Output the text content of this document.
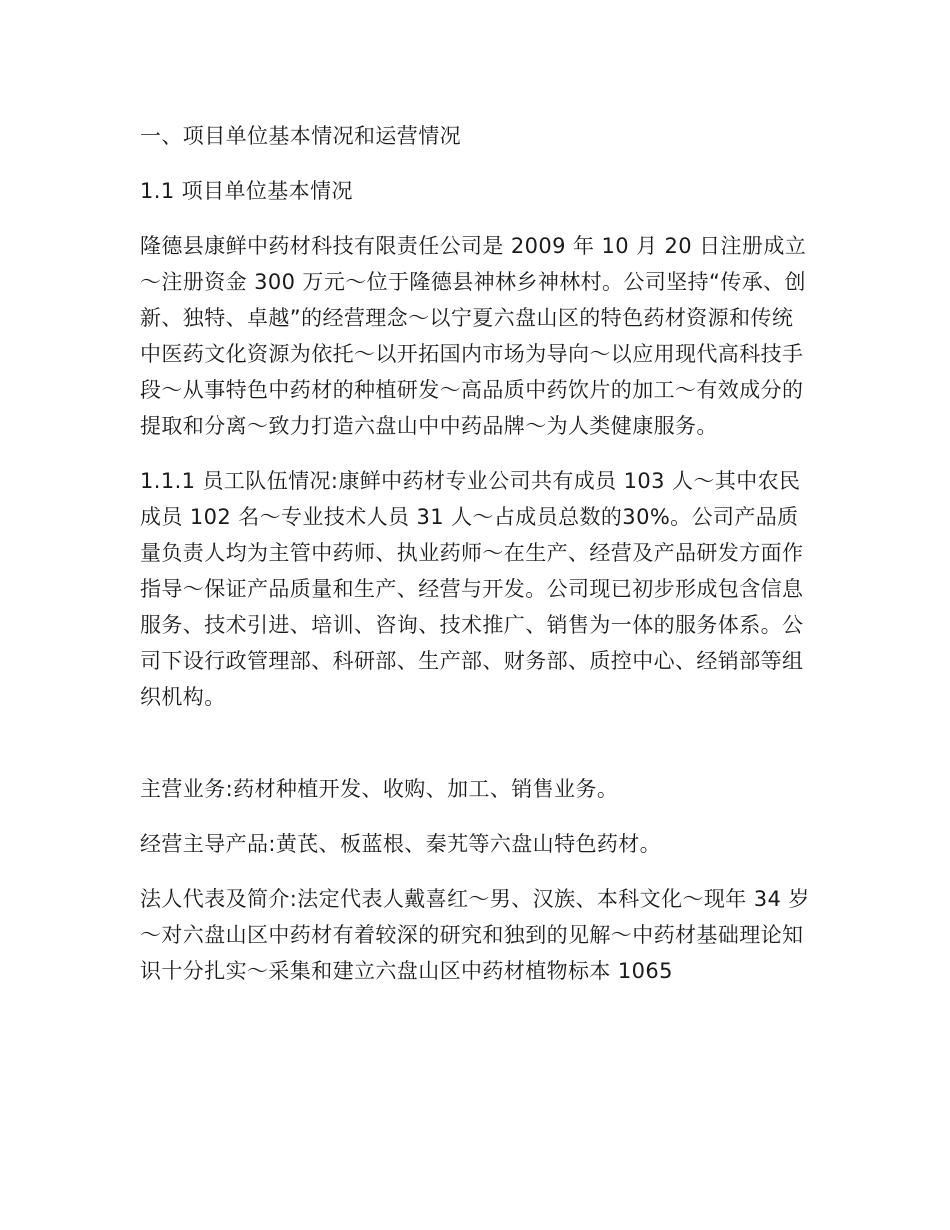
一、项目单位基本情况和运营情况

1.1 项目单位基本情况

隆德县康鲜中药材科技有限责任公司是 2009 年 10 月 20 日注册成立～注册资金 300 万元～位于隆德县神林乡神林村。公司坚持“传承、创新、独特、卓越”的经营理念～以宁夏六盘山区的特色药材资源和传统中医药文化资源为依托～以开拓国内市场为导向～以应用现代高科技手段～从事特色中药材的种植研发～高品质中药饮片的加工～有效成分的提取和分离～致力打造六盘山中中药品牌～为人类健康服务。

1.1.1 员工队伍情况:康鲜中药材专业公司共有成员 103 人～其中农民成员 102 名～专业技术人员 31 人～占成员总数的30%。公司产品质量负责人均为主管中药师、执业药师～在生产、经营及产品研发方面作指导～保证产品质量和生产、经营与开发。公司现已初步形成包含信息服务、技术引进、培训、咨询、技术推广、销售为一体的服务体系。公司下设行政管理部、科研部、生产部、财务部、质控中心、经销部等组织机构。

主营业务:药材种植开发、收购、加工、销售业务。

经营主导产品:黄芪、板蓝根、秦艽等六盘山特色药材。

法人代表及简介:法定代表人戴喜红～男、汉族、本科文化～现年 34 岁～对六盘山区中药材有着较深的研究和独到的见解～中药材基础理论知识十分扎实～采集和建立六盘山区中药材植物标本 1065
